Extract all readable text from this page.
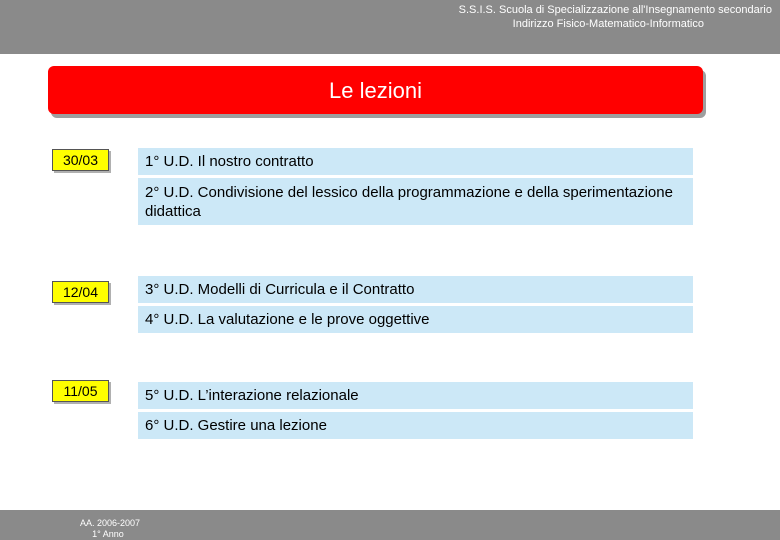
S.S.I.S. Scuola di Specializzazione all'Insegnamento secondario
Indirizzo Fisico-Matematico-Informatico
Le lezioni
30/03
12/04
11/05
1° U.D. Il nostro contratto
2° U.D. Condivisione del lessico della programmazione e della sperimentazione didattica
3° U.D. Modelli di Curricula e il Contratto
4° U.D. La valutazione e le prove oggettive
5° U.D. L’interazione relazionale
6° U.D. Gestire una lezione
AA. 2006-2007
1° Anno
